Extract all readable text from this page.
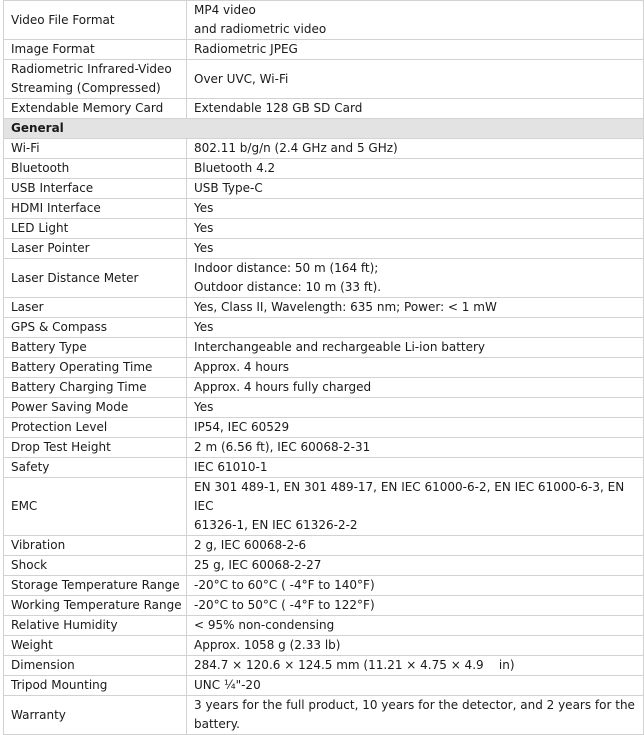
Video File Format	MP4 video
and radiometric video

Image Format	Radiometric JPEG

Radiometric Infrared-Video
Streaming (Compressed)	Over UVC, Wi-Fi
Extendable Memory Card	Extendable 128 GB SD Card
General	
Wi-Fi	802.11 b/g/n (2.4 GHz and 5 GHz)
Bluetooth	Bluetooth 4.2
USB Interface	USB Type-C
HDMI Interface	Yes
LED Light	Yes
Laser Pointer	Yes
Laser Distance Meter	Indoor distance: 50 m (164 ft);
Outdoor distance: 10 m (33 ft).

Laser	Yes, Class II, Wavelength: 635 nm; Power: < 1 mW
GPS & Compass	Yes
Battery Type	Interchangeable and rechargeable Li-ion battery
Battery Operating Time	Approx. 4 hours
Battery Charging Time	Approx. 4 hours fully charged
Power Saving Mode	Yes
Protection Level	IP54, IEC 60529
Drop Test Height	2 m (6.56 ft), IEC 60068-2-31
Safety	IEC 61010-1
EMC	EN 301 489-1, EN 301 489-17, EN IEC 61000-6-2, EN IEC 61000-6-3, EN IEC
61326-1, EN IEC 61326-2-2

Vibration	2 g, IEC 60068-2-6
Shock	25 g, IEC 60068-2-27
Storage Temperature Range	-20°C to 60°C ( -4°F to 140°F)
Working Temperature Range	-20°C to 50°C ( -4°F to 122°F)
Relative Humidity	< 95% non-condensing
Weight	Approx. 1058 g (2.33 lb)
Dimension	284.7 × 120.6 × 124.5 mm (11.21 × 4.75 × 4.9    in)
Tripod Mounting	UNC ¼"-20
Warranty	3 years for the full product, 10 years for the detector, and 2 years for the
battery.
